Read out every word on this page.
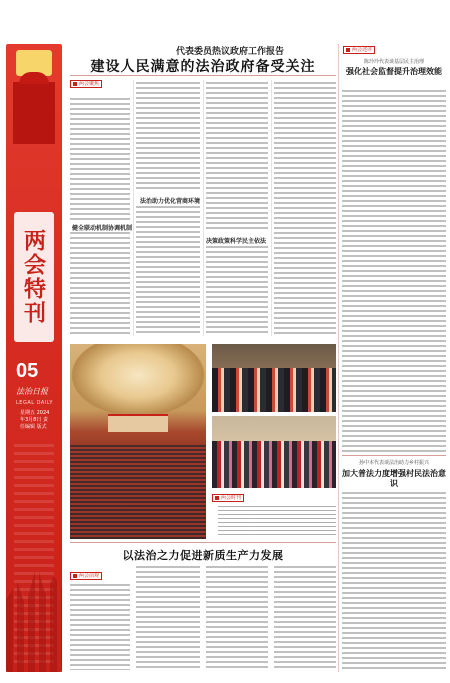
两会特刊
05
法治日报
LEGAL DAILY
星期五 2024年3月8日 责任编辑 版式
代表委员热议政府工作报告
建设人民满意的法治政府备受关注
两会聚焦
健全联动机制协调机制
法治助力优化营商环境
决策政策科学民主依法
两会时刊
以法治之力促进新质生产力发展
两会前观
两会述评
陈玲玲代表谈基层民主治理
强化社会监督提升治理效能
孙中本代表谈法治助力乡村振兴
加大普法力度增强村民法治意识
